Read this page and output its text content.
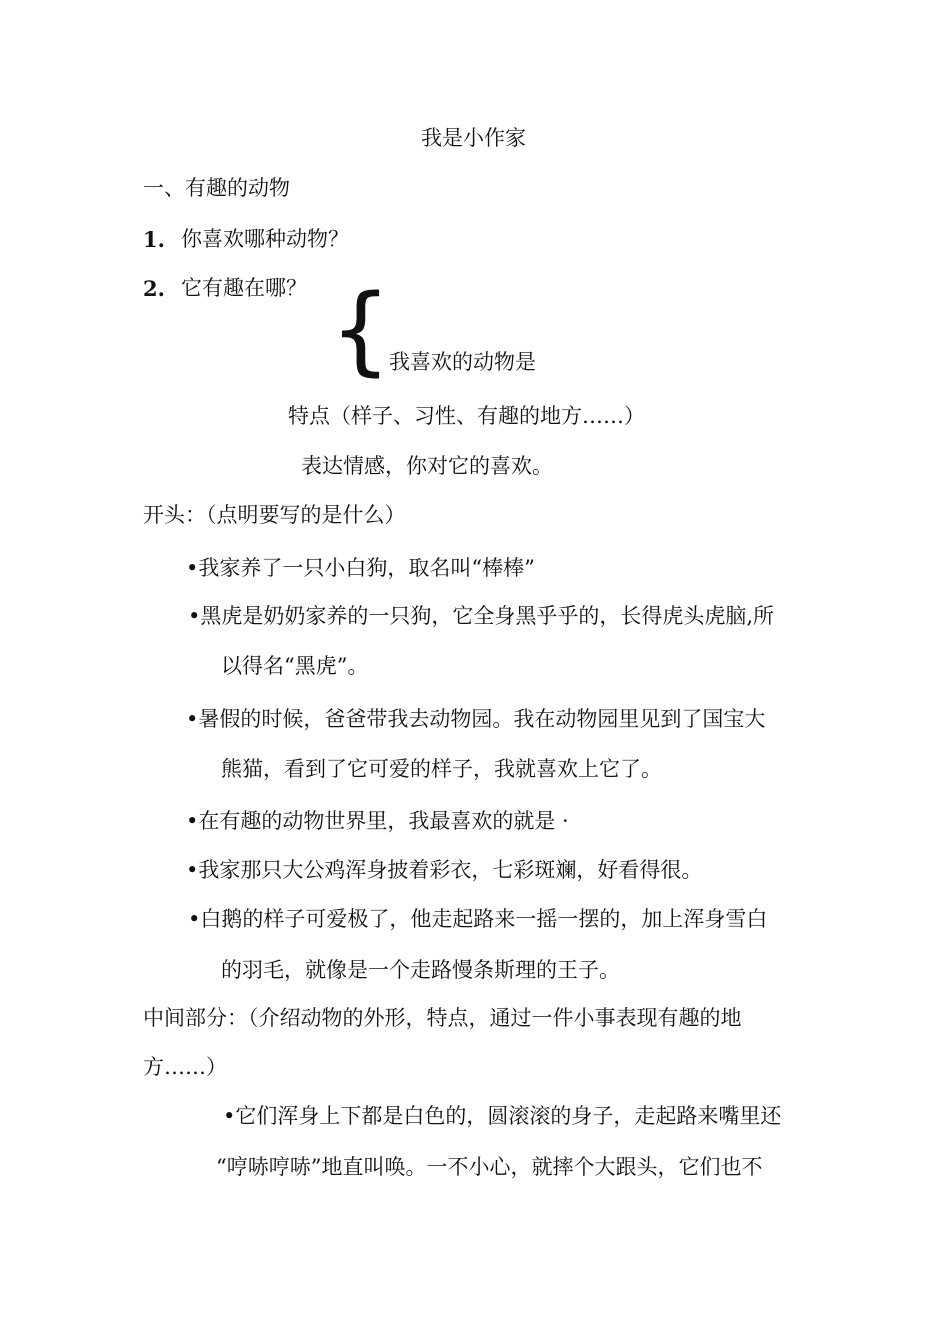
我是小作家
一、有趣的动物
1. 你喜欢哪种动物？
2. 它有趣在哪？ {
我喜欢的动物是
特点（样子、习性、有趣的地方……）
表达情感，你对它的喜欢。
开头：（点明要写的是什么）
•我家养了一只小白狗，取名叫“棒棒”
•黑虎是奶奶家养的一只狗，它全身黑乎乎的，长得虎头虎脑,所
以得名“黑虎”。
•暑假的时候，爸爸带我去动物园。我在动物园里见到了国宝大
熊猫，看到了它可爱的样子，我就喜欢上它了。
•在有趣的动物世界里，我最喜欢的就是 ·
•我家那只大公鸡浑身披着彩衣，七彩斑斓，好看得很。
•白鹅的样子可爱极了，他走起路来一摇一摆的，加上浑身雪白
的羽毛，就像是一个走路慢条斯理的王子。
中间部分：（介绍动物的外形，特点，通过一件小事表现有趣的地
方……）
•它们浑身上下都是白色的，圆滚滚的身子，走起路来嘴里还
“哼哧哼哧”地直叫唤。一不小心，就摔个大跟头，它们也不
